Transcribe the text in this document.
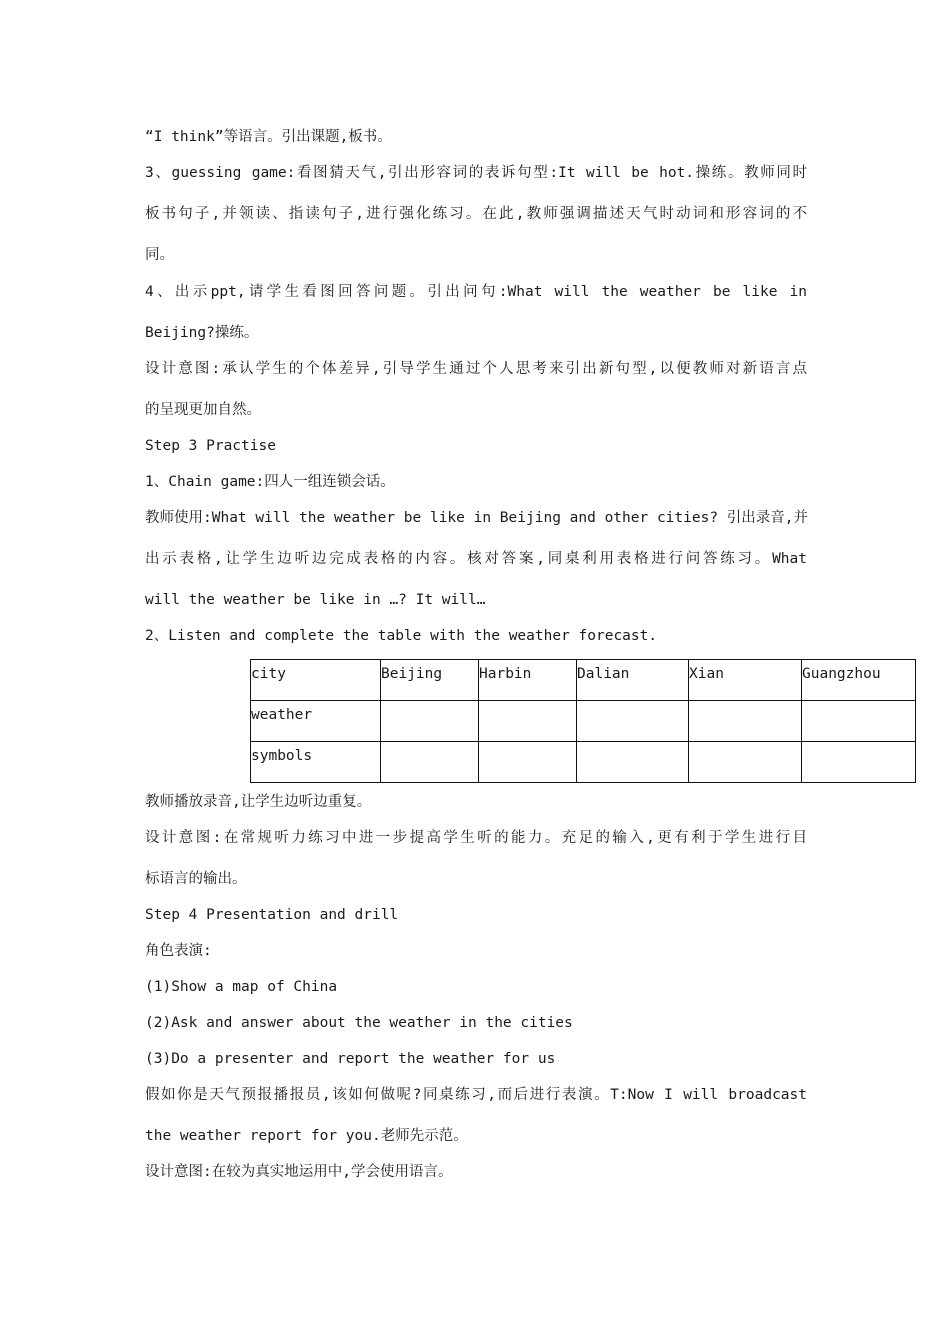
“I think”等语言。引出课题,板书。
3、guessing game:看图猜天气,引出形容词的表诉句型:It will be hot.操练。教师同时
板书句子,并领读、指读句子,进行强化练习。在此,教师强调描述天气时动词和形容词的不
同。
4、出示ppt,请学生看图回答问题。引出问句:What will the weather be like in
Beijing?操练。
设计意图:承认学生的个体差异,引导学生通过个人思考来引出新句型,以便教师对新语言点
的呈现更加自然。
Step 3 Practise
1、Chain game:四人一组连锁会话。
教师使用:What will the weather be like in Beijing and other cities? 引出录音,并
出示表格,让学生边听边完成表格的内容。核对答案,同桌利用表格进行问答练习。What
will the weather be like in …? It will…
2、Listen and complete the table with the weather forecast.
city	Beijing	Harbin	Dalian	Xian	Guangzhou

weather					

symbols					

教师播放录音,让学生边听边重复。
设计意图:在常规听力练习中进一步提高学生听的能力。充足的输入,更有利于学生进行目
标语言的输出。
Step 4 Presentation and drill
角色表演:
(1)Show a map of China
(2)Ask and answer about the weather in the cities
(3)Do a presenter and report the weather for us
假如你是天气预报播报员,该如何做呢?同桌练习,而后进行表演。T:Now I will broadcast
the weather report for you.老师先示范。
设计意图:在较为真实地运用中,学会使用语言。
